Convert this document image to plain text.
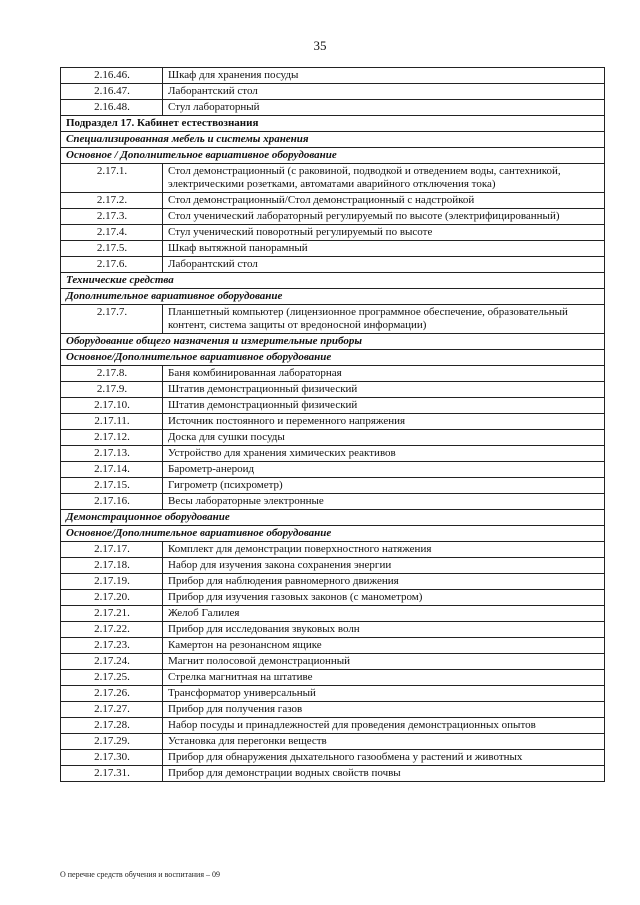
35
2.16.46.	Шкаф для хранения посуды
2.16.47.	Лаборантский стол
2.16.48.	Стул лабораторный
Подраздел 17. Кабинет естествознания	
Специализированная мебель и системы хранения	
Основное / Дополнительное вариативное оборудование	
2.17.1.	Стол демонстрационный (с раковиной, подводкой и отведением воды, сантехникой, электрическими розетками, автоматами аварийного отключения тока)
2.17.2.	Стол демонстрационный/Стол демонстрационный с надстройкой
2.17.3.	Стол ученический лабораторный регулируемый по высоте (электрифицированный)
2.17.4.	Стул ученический поворотный регулируемый по высоте
2.17.5.	Шкаф вытяжной панорамный
2.17.6.	Лаборантский стол
Технические средства	
Дополнительное вариативное оборудование	
2.17.7.	Планшетный компьютер (лицензионное программное обеспечение, образовательный контент, система защиты от вредоносной информации)
Оборудование общего назначения и измерительные приборы	
Основное/Дополнительное вариативное оборудование	
2.17.8.	Баня комбинированная лабораторная
2.17.9.	Штатив демонстрационный физический
2.17.10.	Штатив демонстрационный физический
2.17.11.	Источник постоянного и переменного напряжения
2.17.12.	Доска для сушки посуды
2.17.13.	Устройство для хранения химических реактивов
2.17.14.	Барометр-анероид
2.17.15.	Гигрометр (психрометр)
2.17.16.	Весы лабораторные электронные
Демонстрационное оборудование	
Основное/Дополнительное вариативное оборудование	
2.17.17.	Комплект для демонстрации поверхностного натяжения
2.17.18.	Набор для изучения закона сохранения энергии
2.17.19.	Прибор для наблюдения равномерного движения
2.17.20.	Прибор для изучения газовых законов (с манометром)
2.17.21.	Желоб Галилея
2.17.22.	Прибор для исследования звуковых волн
2.17.23.	Камертон на резонансном ящике
2.17.24.	Магнит полосовой демонстрационный
2.17.25.	Стрелка магнитная на штативе
2.17.26.	Трансформатор универсальный
2.17.27.	Прибор для получения газов
2.17.28.	Набор посуды и принадлежностей для проведения демонстрационных опытов
2.17.29.	Установка для перегонки веществ
2.17.30.	Прибор для обнаружения дыхательного газообмена у растений и животных
2.17.31.	Прибор для демонстрации водных свойств почвы
О перечне средств обучения и воспитания – 09
